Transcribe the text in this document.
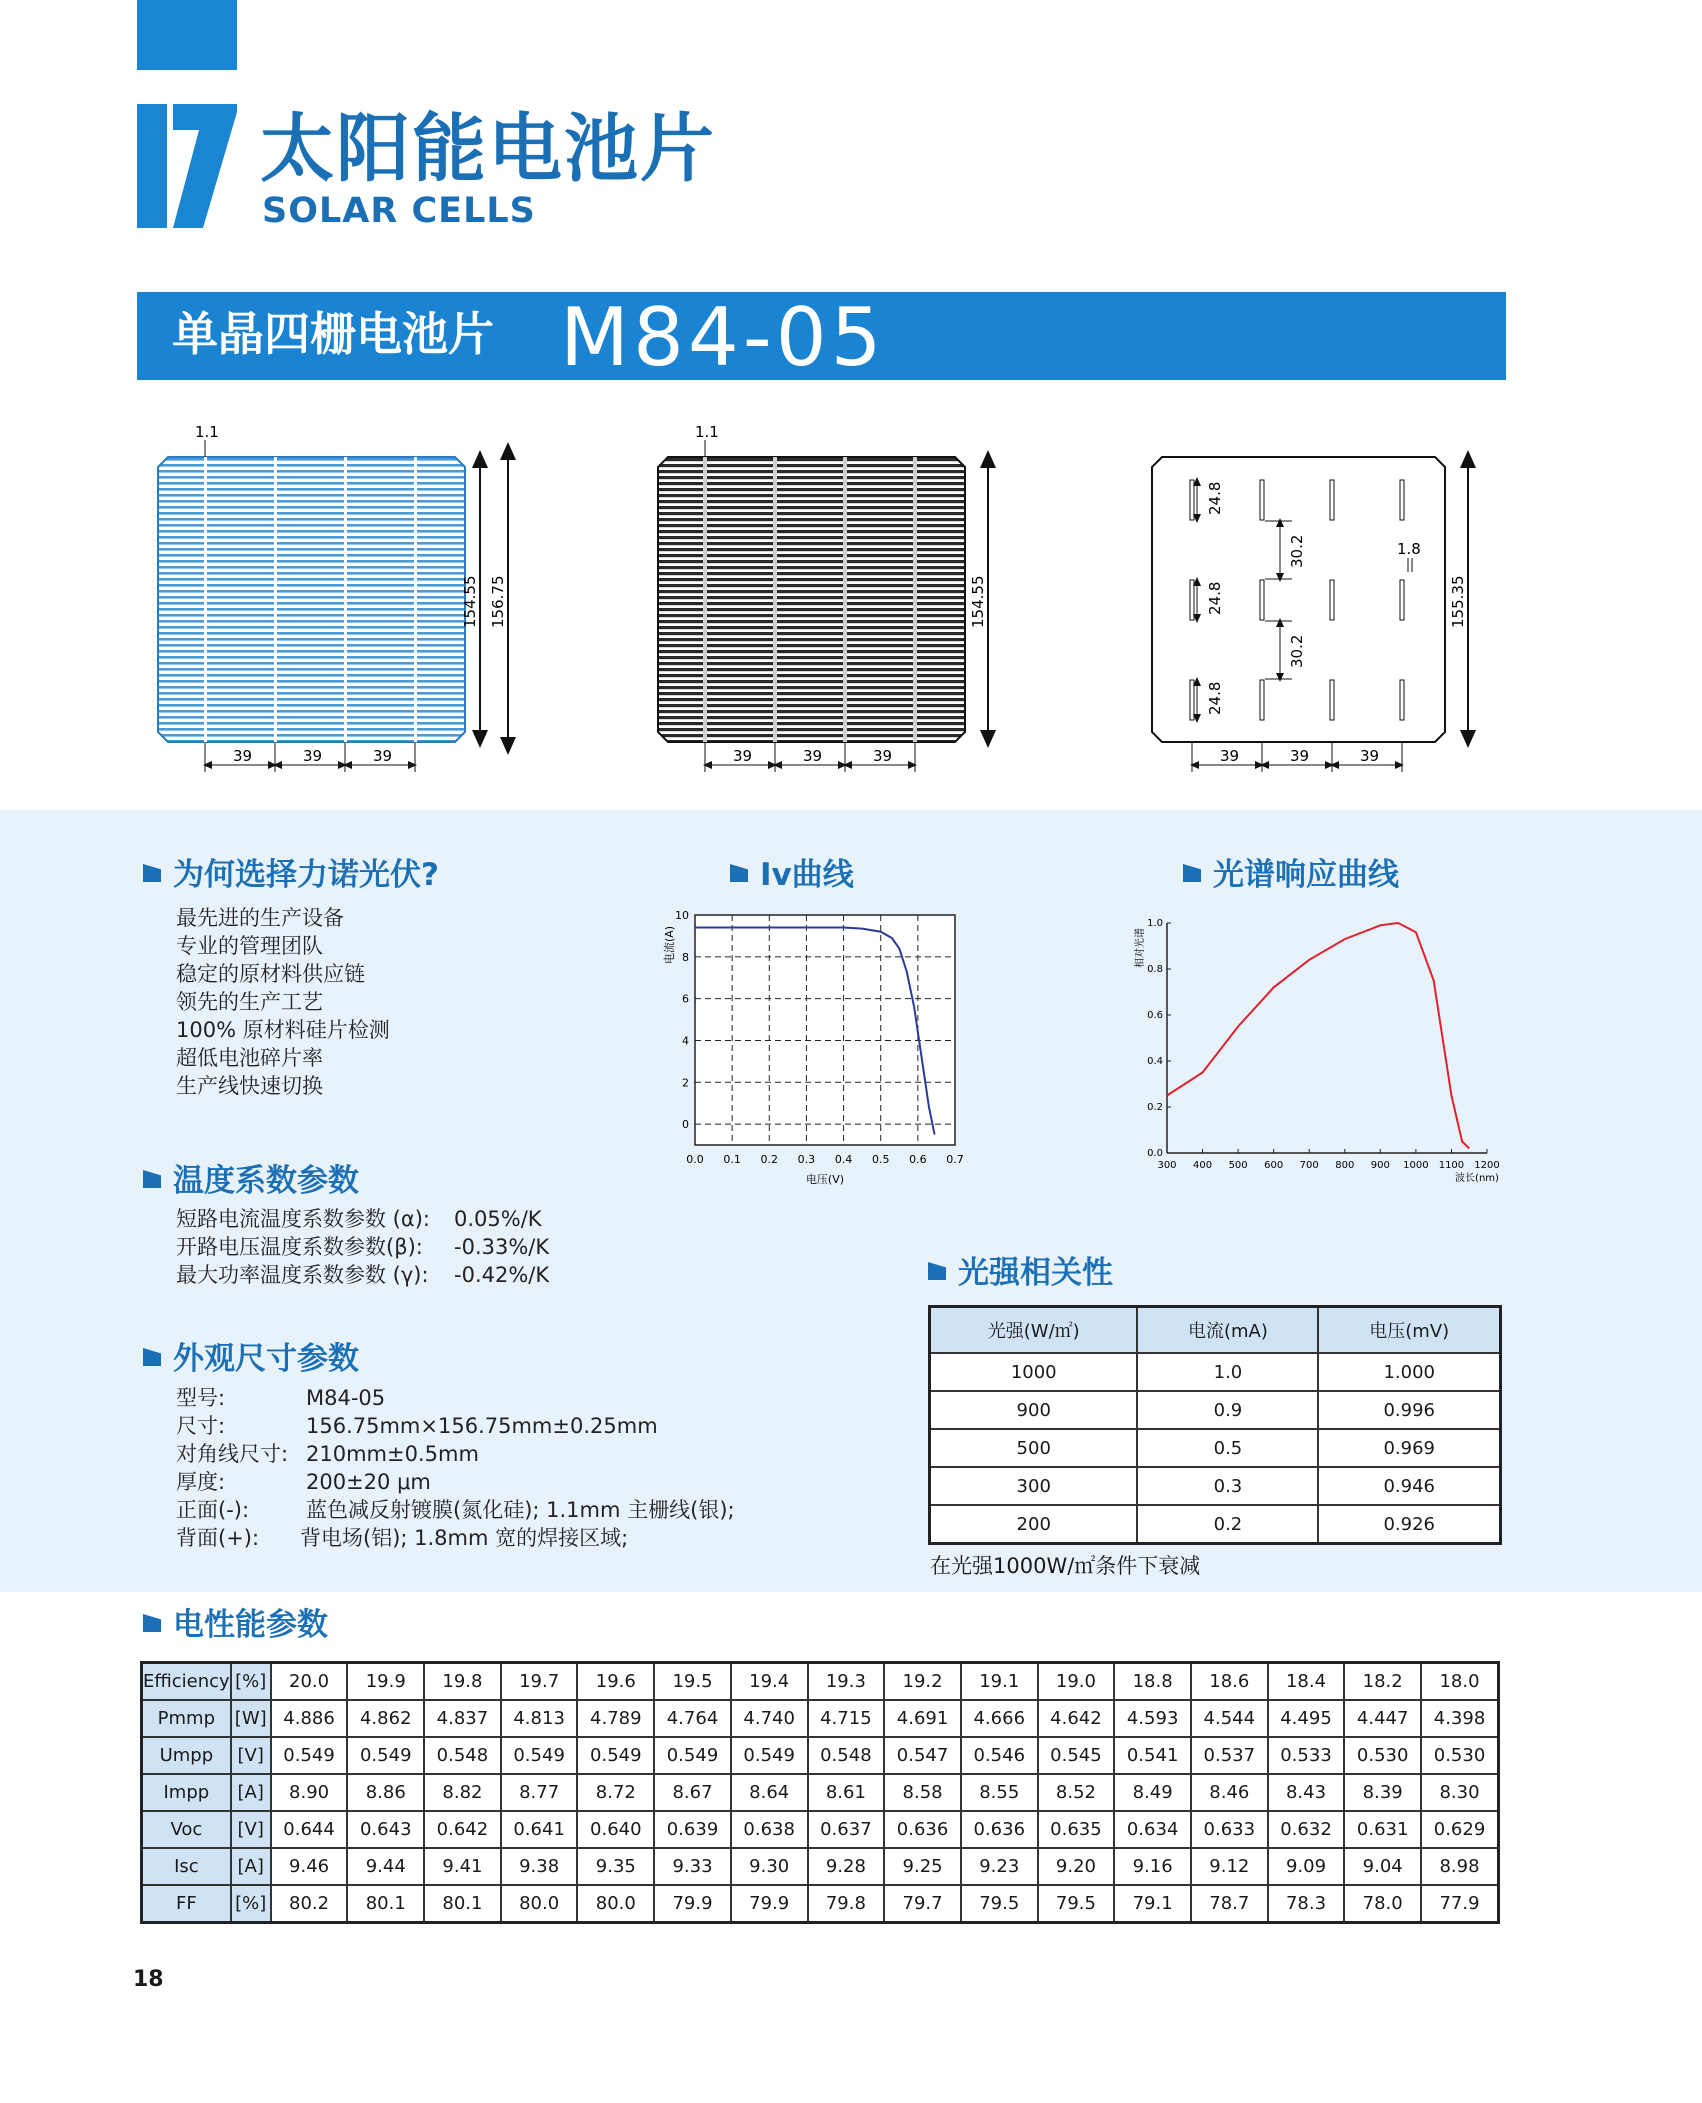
太阳能电池片
SOLAR CELLS
单晶四栅电池片 M84-05
1.1
154.55 156.75
39	39	39
1.1
154.55
39	39	39
24.8
24.8
24.8
30.2
30.2
1.8
155.35
39	39	39
为何选择力诺光伏?
最先进的生产设备
专业的管理团队
稳定的原材料供应链
领先的生产工艺
100% 原材料硅片检测
超低电池碎片率
生产线快速切换
温度系数参数
短路电流温度系数参数 (α): 0.05%/K
开路电压温度系数参数(β): -0.33%/K
最大功率温度系数参数 (γ): -0.42%/K
外观尺寸参数
型号:	M84-05
尺寸:	156.75mm×156.75mm±0.25mm
对角线尺寸: 210mm±0.5mm
厚度:	200±20 μm
正面(-):	蓝色减反射镀膜(氮化硅); 1.1mm 主栅线(银);
背面(+): 背电场(铝); 1.8mm 宽的焊接区域;
Iv曲线
0.0 0.1 0.2 0.3 0.4 0.5 0.6 0.7
0
2
4
6
8
10
电压(V)
电流(A)
光谱响应曲线
300 400 500 600 700 800 900 1000 1100 1200
0.0
0.2
0.4
0.6
0.8
1.0
波长(nm)
相对光谱
光强相关性
光强(W/㎡)	电流(mA)	电压(mV)
1000	1.0	1.000
900	0.9	0.996
500	0.5	0.969
300	0.3	0.946
200	0.2	0.926
在光强1000W/㎡条件下衰减
电性能参数
Efficiency	[%]	20.0	19.9	19.8	19.7	19.6	19.5	19.4	19.3	19.2	19.1	19.0	18.8	18.6	18.4	18.2	18.0
Pmmp	[W]	4.886	4.862	4.837	4.813	4.789	4.764	4.740	4.715	4.691	4.666	4.642	4.593	4.544	4.495	4.447	4.398
Umpp	[V]	0.549	0.549	0.548	0.549	0.549	0.549	0.549	0.548	0.547	0.546	0.545	0.541	0.537	0.533	0.530	0.530
Impp	[A]	8.90	8.86	8.82	8.77	8.72	8.67	8.64	8.61	8.58	8.55	8.52	8.49	8.46	8.43	8.39	8.30
Voc	[V]	0.644	0.643	0.642	0.641	0.640	0.639	0.638	0.637	0.636	0.636	0.635	0.634	0.633	0.632	0.631	0.629
Isc	[A]	9.46	9.44	9.41	9.38	9.35	9.33	9.30	9.28	9.25	9.23	9.20	9.16	9.12	9.09	9.04	8.98
FF	[%]	80.2	80.1	80.1	80.0	80.0	79.9	79.9	79.8	79.7	79.5	79.5	79.1	78.7	78.3	78.0	77.9
18
